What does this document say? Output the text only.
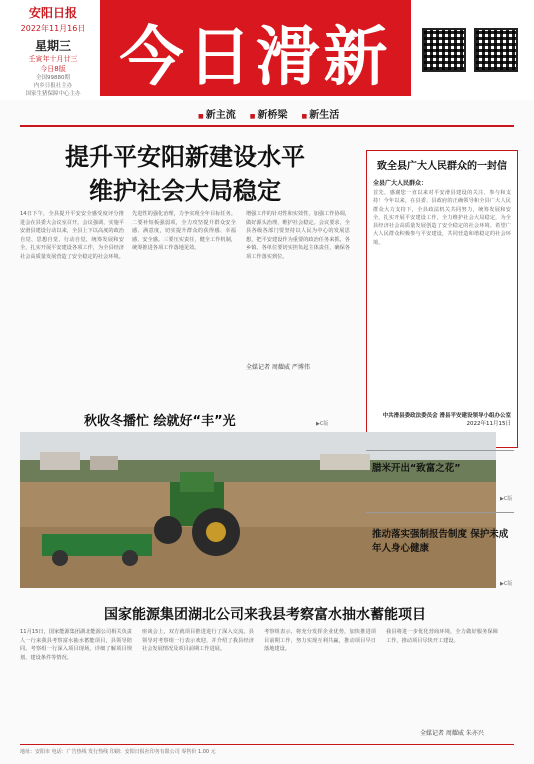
安阳日报
2022年11月16日
星期三
壬寅年十月廿三
今日8版
全国99880期
内乡日报社主办
国家生猪保障中心主办 今日滑新
■ 新主流	■ 新桥梁	■ 新生活
提升平安阳新建设水平
维护社会大局稳定
14日下午，全县提升平安安全感受度评分推进会在县委大会议室召开。会议强调，实施平安滑县建设行动以来，全县上下以高度的政治自觉、思想自觉、行动自觉，统筹发展和安全，扎实开展平安建设各项工作，为全县经济社会高质量发展营造了安全稳定的社会环境。
先进性的强化治理，力争实现全年目标任务。二要补短板强弱项，全力攻坚提升群众安全感、满意度，切实提升群众的获得感、幸福感、安全感。三要压实责任，健全工作机制，统筹推进各项工作落地见效。
增强工作的针对性和实效性，加强工作协调，做好源头治理，维护社会稳定。会议要求，全县各级各部门要坚持以人民为中心的发展思想，把平安建设作为重要的政治任务来抓，各乡镇、各单位要切实担负起主体责任，确保各项工作落实到位。
全媒记者 周耀威 严博伟
致全县广大人民群众的一封信
全县广大人民群众：
首先，感谢您一直以来对平安滑县建设的关注、参与和支持！今年以来，在县委、县政府的正确领导和全县广大人民群众大力支持下，全县政法机关共同努力，统筹发展和安全，扎实开展平安建设工作，全力维护社会大局稳定，为全县经济社会高质量发展创造了安全稳定的社会环境。希望广大人民群众积极参与平安建设，共同营造和谐稳定的社会环境。
中共滑县委政法委员会 滑县平安建设领导小组办公室
2022年11月15日
秋收冬播忙 绘就好“丰”光	▶C版
腊米开出“致富之花”
▶C版
推动落实强制报告制度 保护未成年人身心健康
▶C版
国家能源集团湖北公司来我县考察富水抽水蓄能项目
11月15日，国家能源集团湖北能源公司相关负责人一行来我县考察富水抽水蓄能项目，县领导陪同。考察组一行深入项目现场，详细了解项目规划、建设条件等情况。
座谈会上，双方就项目推进进行了深入交流。县领导对考察组一行表示欢迎，并介绍了我县经济社会发展情况及项目前期工作进展。
考察组表示，将充分发挥企业优势，加快推进项目前期工作，努力实现互利共赢，推动项目早日落地建设。
我县将进一步优化营商环境，全力做好服务保障工作，推动项目尽快开工建设。
全媒记者 周耀威 朱亦兴
地址：安阳市 电话：广告热线 发行热线 印刷：安阳日报社印务有限公司 零售价 1.00 元
